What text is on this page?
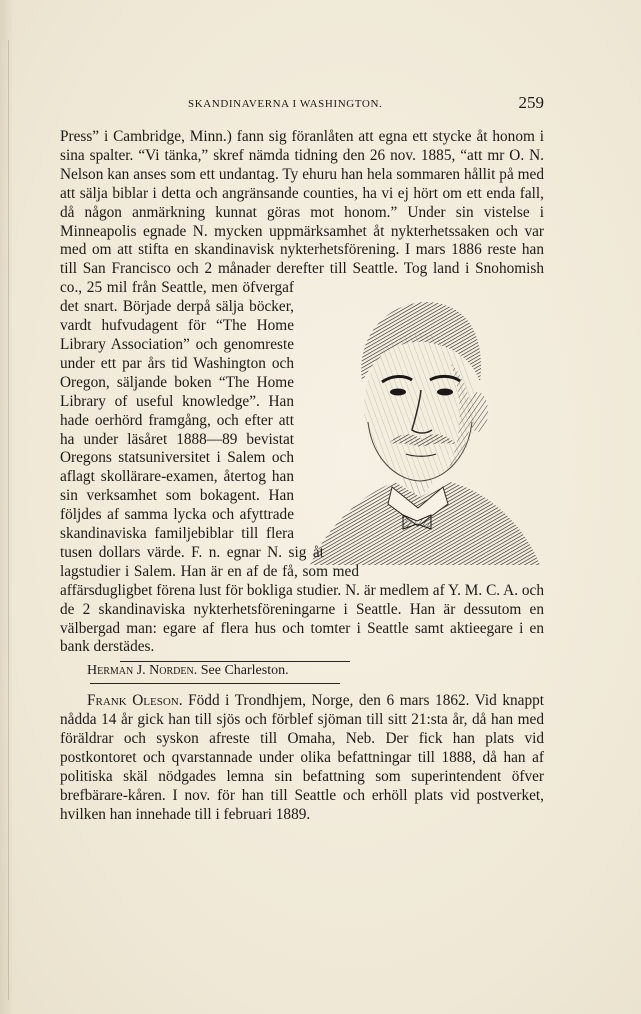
SKANDINAVERNA I WASHINGTON.	259

Press” i Cambridge, Minn.) fann sig föranlåten att egna ett stycke åt honom i sina spalter. “Vi tänka,” skref nämda tidning den 26 nov. 1885, “att mr O. N. Nelson kan anses som ett undantag. Ty ehuru han hela sommaren hållit på med att sälja biblar i detta och angränsande counties, ha vi ej hört om ett enda fall, då någon anmärkning kunnat göras mot honom.” Under sin vistelse i Minneapolis egnade N. mycken uppmärksamhet åt nykterhetssaken och var med om att stifta en skandinavisk nykterhetsförening. I mars 1886 reste han till San Francisco och 2 månader derefter till Seattle.
Tog land i Snohomish co., 25 mil från Seattle, men öfvergaf det snart. Började derpå sälja böcker, vardt hufvudagent för “The Home Library Association” och genomreste under ett par års tid Washington och Oregon, säljande boken “The Home Library of useful knowledge”. Han hade oerhörd framgång, och efter att ha under läsåret 1888—89 bevistat Oregons statsuniversitet i Salem och aflagt skollärare-examen, återtog han sin verksamhet som bokagent. Han följdes af samma lycka och afyttrade skandinaviska familjebiblar till flera tusen dollars värde. F. n. egnar N. sig åt lagstudier i Salem. Han är en af de få, som med affärsdugligbet förena lust för bokliga studier. N. är medlem af Y. M. C. A. och de 2 skandinaviska nykterhetsföreningarne i Seattle. Han är dessutom en välbergad man: egare af flera hus och tomter i Seattle samt aktieegare i en bank derstädes.

Herman J. Norden. See Charleston.

Frank Oleson. Född i Trondhjem, Norge, den 6 mars 1862. Vid knappt nådda 14 år gick han till sjös och förblef sjöman till sitt 21:sta år, då han med föräldrar och syskon afreste till Omaha, Neb. Der fick han plats vid postkontoret och qvarstannade under olika befattningar till 1888, då han af politiska skäl nödgades lemna sin befattning som superintendent öfver brefbärare-kåren. I nov. för han till Seattle och erhöll plats vid postverket, hvilken han innehade till i februari 1889.
